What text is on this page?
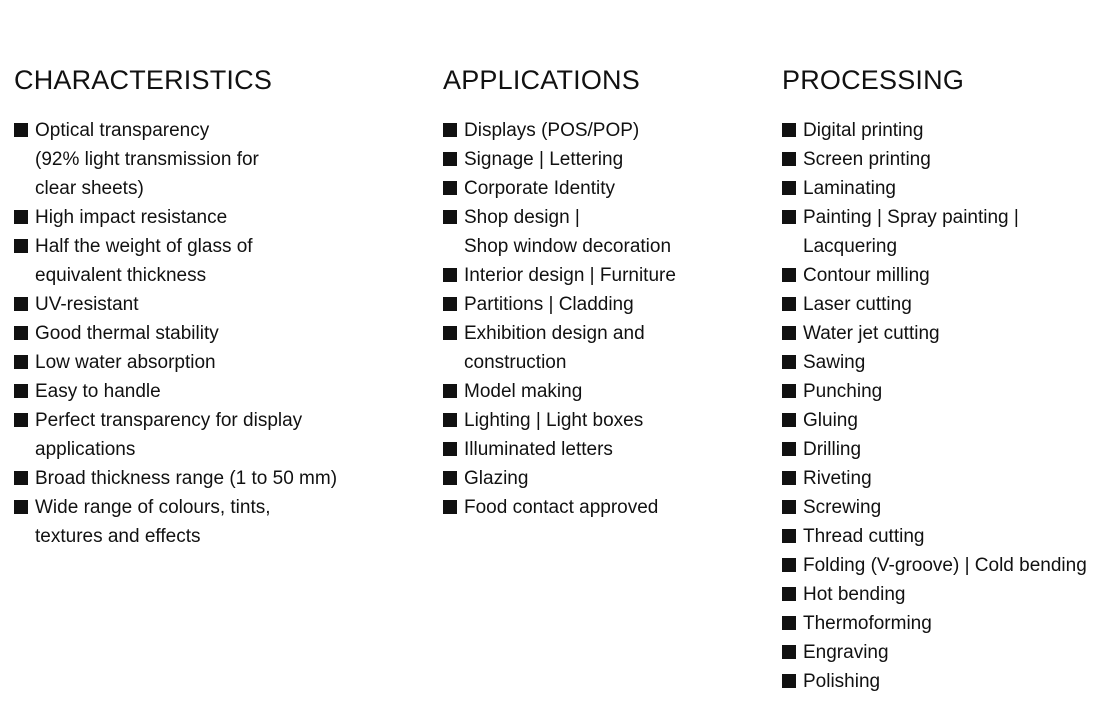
CHARACTERISTICS
Optical transparency
(92% light transmission for
clear sheets)
High impact resistance
Half the weight of glass of
equivalent thickness
UV-resistant
Good thermal stability
Low water absorption
Easy to handle
Perfect transparency for display
applications
Broad thickness range (1 to 50 mm)
Wide range of colours, tints,
textures and effects
APPLICATIONS
Displays (POS/POP)
Signage | Lettering
Corporate Identity
Shop design |
Shop window decoration
Interior design | Furniture
Partitions | Cladding
Exhibition design and
construction
Model making
Lighting | Light boxes
Illuminated letters
Glazing
Food contact approved
PROCESSING
Digital printing
Screen printing
Laminating
Painting | Spray painting |
Lacquering
Contour milling
Laser cutting
Water jet cutting
Sawing
Punching
Gluing
Drilling
Riveting
Screwing
Thread cutting
Folding (V-groove) | Cold bending
Hot bending
Thermoforming
Engraving
Polishing
